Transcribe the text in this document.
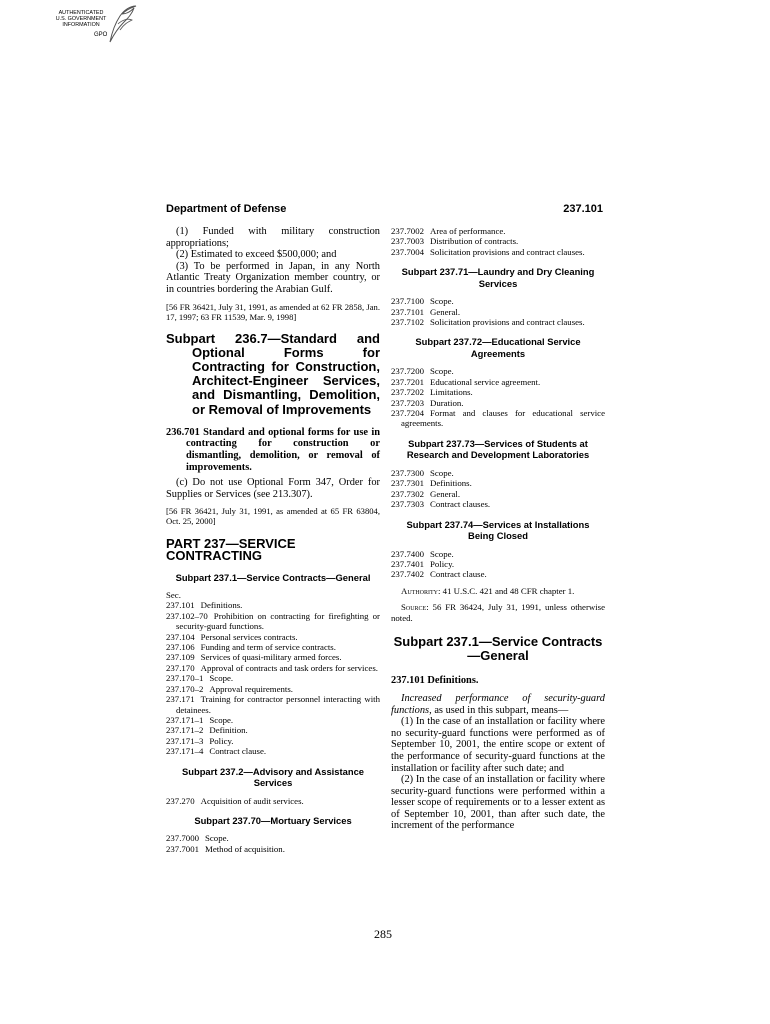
AUTHENTICATED
U.S. GOVERNMENT
INFORMATION
GPO
Department of Defense	237.101

(1) Funded with military construction appropriations;

(2) Estimated to exceed $500,000; and

(3) To be performed in Japan, in any North Atlantic Treaty Organization member country, or in countries bordering the Arabian Gulf.

[56 FR 36421, July 31, 1991, as amended at 62 FR 2858, Jan. 17, 1997; 63 FR 11539, Mar. 9, 1998]

Subpart 236.7—Standard and Optional Forms for Contracting for Construction, Architect-Engineer Services, and Dismantling, Demolition, or Removal of Improvements

236.701 Standard and optional forms for use in contracting for construction or dismantling, demolition, or removal of improvements.

(c) Do not use Optional Form 347, Order for Supplies or Services (see 213.307).

[56 FR 36421, July 31, 1991, as amended at 65 FR 63804, Oct. 25, 2000]

PART 237—SERVICE CONTRACTING
Subpart 237.1—Service Contracts—General
Sec.
237.101 Definitions.
237.102–70 Prohibition on contracting for firefighting or security-guard functions.
237.104 Personal services contracts.
237.106 Funding and term of service contracts.
237.109 Services of quasi-military armed forces.
237.170 Approval of contracts and task orders for services.
237.170–1 Scope.
237.170–2 Approval requirements.
237.171 Training for contractor personnel interacting with detainees.
237.171–1 Scope.
237.171–2 Definition.
237.171–3 Policy.
237.171–4 Contract clause.
Subpart 237.2—Advisory and Assistance Services
237.270 Acquisition of audit services.
Subpart 237.70—Mortuary Services
237.7000 Scope.
237.7001 Method of acquisition.
237.7002 Area of performance.
237.7003 Distribution of contracts.
237.7004 Solicitation provisions and contract clauses.
Subpart 237.71—Laundry and Dry Cleaning Services
237.7100 Scope.
237.7101 General.
237.7102 Solicitation provisions and contract clauses.
Subpart 237.72—Educational Service Agreements
237.7200 Scope.
237.7201 Educational service agreement.
237.7202 Limitations.
237.7203 Duration.
237.7204 Format and clauses for educational service agreements.
Subpart 237.73—Services of Students at Research and Development Laboratories
237.7300 Scope.
237.7301 Definitions.
237.7302 General.
237.7303 Contract clauses.
Subpart 237.74—Services at Installations Being Closed
237.7400 Scope.
237.7401 Policy.
237.7402 Contract clause.

Authority: 41 U.S.C. 421 and 48 CFR chapter 1.

Source: 56 FR 36424, July 31, 1991, unless otherwise noted.

Subpart 237.1—Service Contracts—General

237.101 Definitions.

Increased performance of security-guard functions, as used in this subpart, means—

(1) In the case of an installation or facility where no security-guard functions were performed as of September 10, 2001, the entire scope or extent of the performance of security-guard functions at the installation or facility after such date; and

(2) In the case of an installation or facility where security-guard functions were performed within a lesser scope of requirements or to a lesser extent as of September 10, 2001, than after such date, the increment of the performance

285
